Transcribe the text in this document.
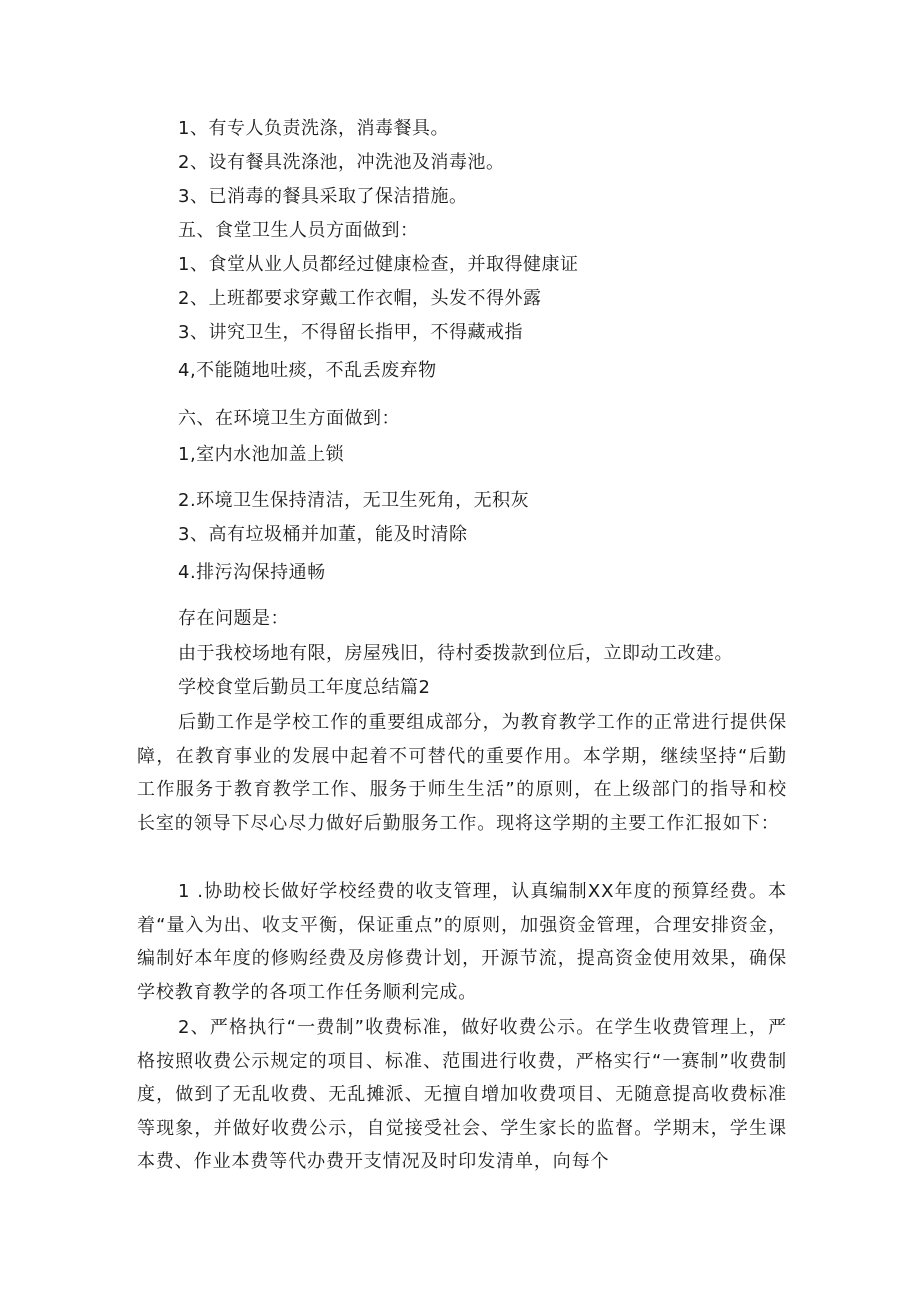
1、有专人负责洗涤，消毒餐具。
2、设有餐具洗涤池，冲洗池及消毒池。
3、已消毒的餐具采取了保洁措施。
五、食堂卫生人员方面做到：
1、食堂从业人员都经过健康检查，并取得健康证
2、上班都要求穿戴工作衣帽，头发不得外露
3、讲究卫生，不得留长指甲，不得藏戒指
4,不能随地吐痰，不乱丢废弃物
六、在环境卫生方面做到：
1,室内水池加盖上锁
2.环境卫生保持清洁，无卫生死角，无积灰
3、高有垃圾桶并加董，能及时清除
4.排污沟保持通畅
存在问题是：
由于我校场地有限，房屋残旧，待村委拨款到位后，立即动工改建。
学校食堂后勤员工年度总结篇2
后勤工作是学校工作的重要组成部分，为教育教学工作的正常进行提供保障，在教育事业的发展中起着不可替代的重要作用。本学期，继续坚持“后勤工作服务于教育教学工作、服务于师生生活”的原则，在上级部门的指导和校长室的领导下尽心尽力做好后勤服务工作。现将这学期的主要工作汇报如下：
1 .协助校长做好学校经费的收支管理，认真编制XX年度的预算经费。本着“量入为出、收支平衡，保证重点”的原则，加强资金管理，合理安排资金，编制好本年度的修购经费及房修费计划，开源节流，提高资金使用效果，确保学校教育教学的各项工作任务顺利完成。
2、严格执行“一费制”收费标准，做好收费公示。在学生收费管理上，严格按照收费公示规定的项目、标准、范围进行收费，严格实行“一赛制”收费制度，做到了无乱收费、无乱摊派、无擅自增加收费项目、无随意提高收费标准等现象，并做好收费公示，自觉接受社会、学生家长的监督。学期末，学生课本费、作业本费等代办费开支情况及时印发清单，向每个
